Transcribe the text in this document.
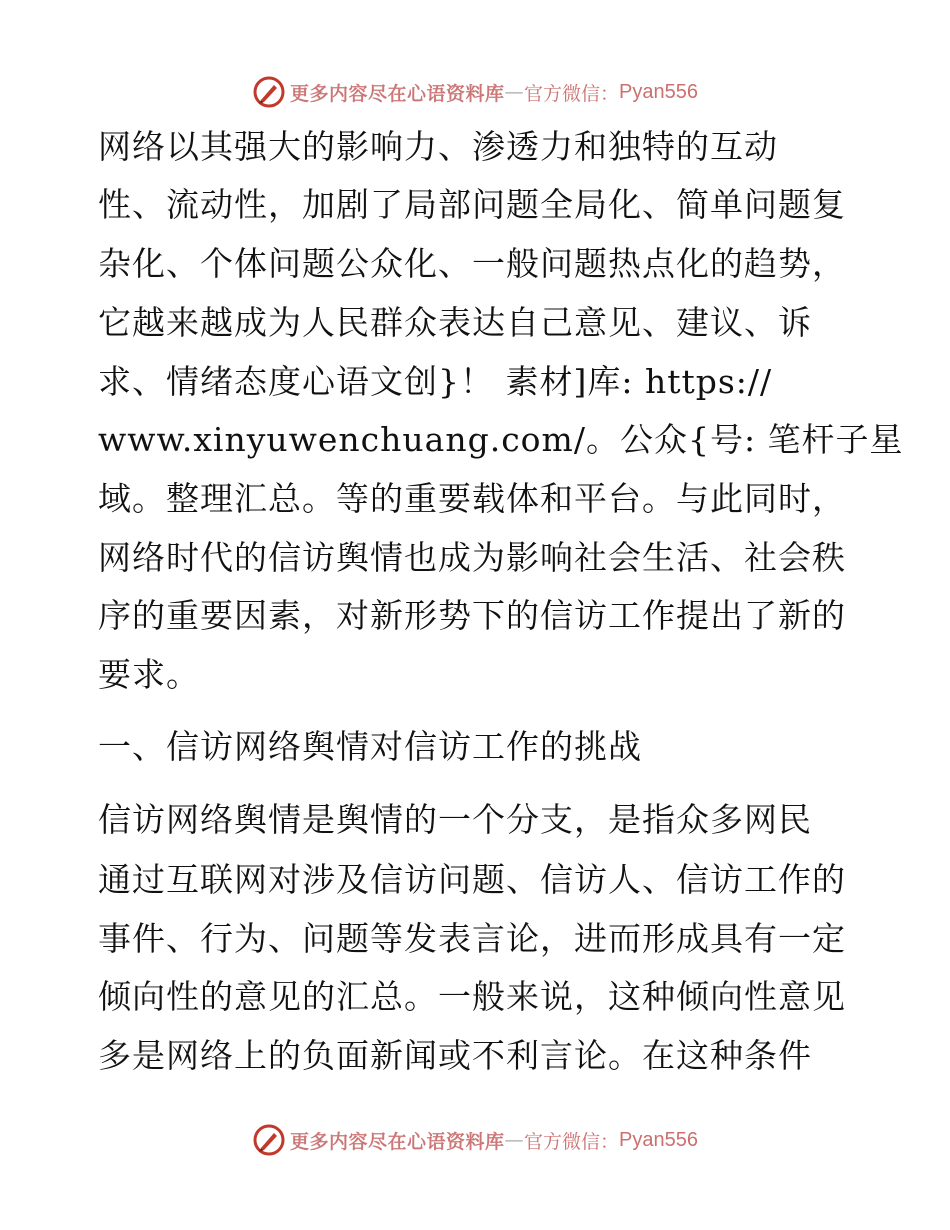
更多内容尽在心语资料库 — 官方微信： Pyan556
网络以其强大的影响力、渗透力和独特的互动
性、流动性，加剧了局部问题全局化、简单问题复
杂化、个体问题公众化、一般问题热点化的趋势，
它越来越成为人民群众表达自己意见、建议、诉
求、情绪态度心语文创}！ 素材]库: https://
www.xinyuwenchuang.com/。公众{号: 笔杆子星
域。整理汇总。等的重要载体和平台。与此同时，
网络时代的信访舆情也成为影响社会生活、社会秩
序的重要因素，对新形势下的信访工作提出了新的
要求。
一、信访网络舆情对信访工作的挑战
信访网络舆情是舆情的一个分支，是指众多网民
通过互联网对涉及信访问题、信访人、信访工作的
事件、行为、问题等发表言论，进而形成具有一定
倾向性的意见的汇总。一般来说，这种倾向性意见
多是网络上的负面新闻或不利言论。在这种条件
更多内容尽在心语资料库 — 官方微信： Pyan556
